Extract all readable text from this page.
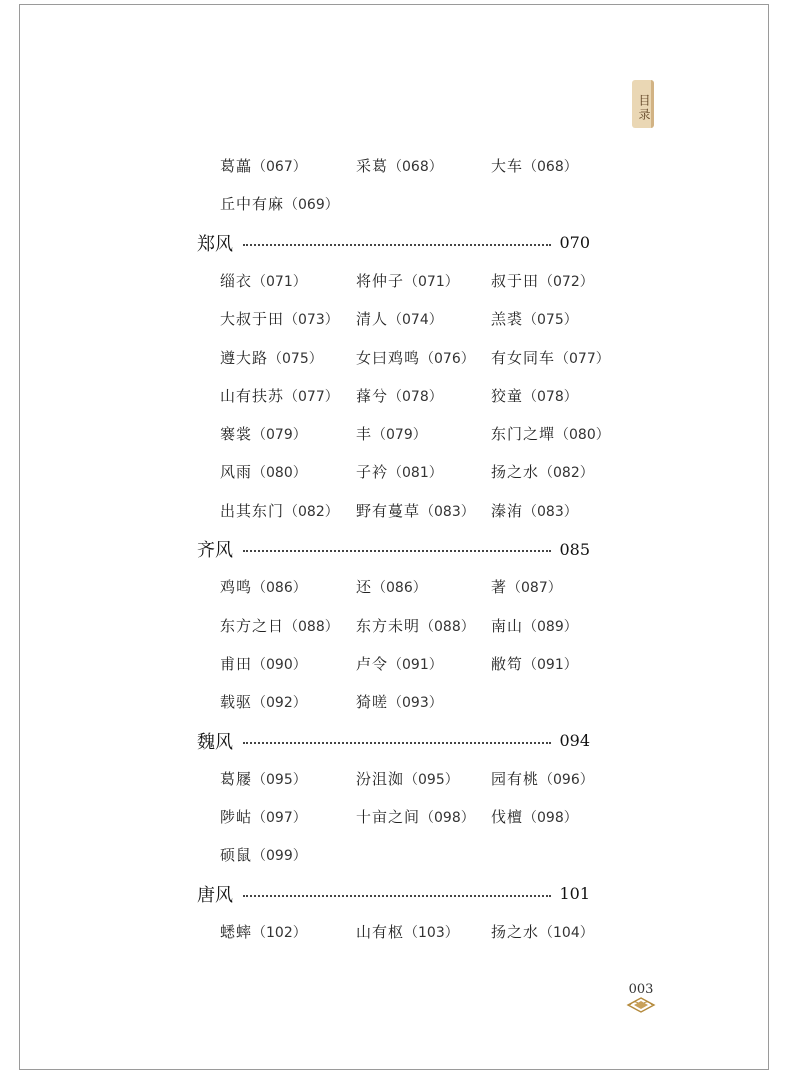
目录
葛藟（067）	采葛（068）	大车（068）
丘中有麻（069）
郑风	070
缁衣（071）	将仲子（071） 叔于田（072）
大叔于田（073） 清人（074）	羔裘（075）
遵大路（075） 女曰鸡鸣（076） 有女同车（077）
山有扶苏（077） 萚兮（078）	狡童（078）
褰裳（079）	丰（079）	东门之墠（080）
风雨（080）	子衿（081）	扬之水（082）
出其东门（082） 野有蔓草（083） 溱洧（083）
齐风	085
鸡鸣（086）	还（086）	著（087）
东方之日（088） 东方未明（088） 南山（089）
甫田（090）	卢令（091）	敝笱（091）
载驱（092）	猗嗟（093）
魏风	094
葛屦（095）	汾沮洳（095） 园有桃（096）
陟岵（097）	十亩之间（098） 伐檀（098）
硕鼠（099）
唐风	101
蟋蟀（102）	山有枢（103） 扬之水（104）
003
